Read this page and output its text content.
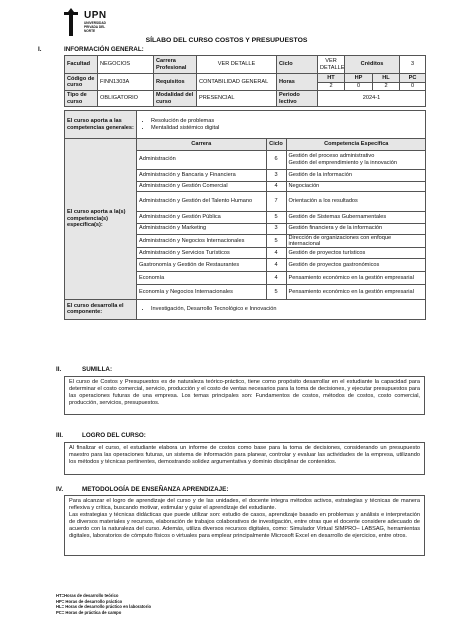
UPN
UNIVERSIDAD PRIVADA DEL NORTE
SÍLABO DEL CURSO COSTOS Y PRESUPUESTOS
I.	INFORMACIÓN GENERAL:
Facultad	NEGOCIOS	Carrera Profesional	VER DETALLE	Ciclo	VER DETALLE	Créditos		3
Código de curso	FINN1303A	Requisitos	CONTABILIDAD GENERAL	Horas	HT	HP	HL	PC
					2	0	2	0
Tipo de curso	OBLIGATORIO	Modalidad del curso	PRESENCIAL	Periodo lectivo	2024-1			
El curso aporta a las competencias generales:	
• Resolución de problemas
• Mentalidad sistémico digital

El curso aporta a la(s) competencia(s) específica(s):	
Carrera	Ciclo	Competencia Específica
Administración	6	Gestión del proceso administrativo
Gestión del emprendimiento y la innovación
Administración y Bancaria y Financiera	3	Gestión de la información
Administración y Gestión Comercial	4	Negociación
Administración y Gestión del Talento Humano	7	Orientación a los resultados
Administración y Gestión Pública	5	Gestión de Sistemas Gubernamentales
Administración y Marketing	3	Gestión financiera y de la información
Administración y Negocios Internacionales	5	Dirección de organizaciones con enfoque internacional
Administración y Servicios Turísticos	4	Gestión de proyectos turísticos
Gastronomía y Gestión de Restaurantes	4	Gestión de proyectos gastronómicos
Economía	4	Pensamiento económico en la gestión empresarial
Economía y Negocios Internacionales	5	Pensamiento económico en la gestión empresarial

El curso desarrolla el componente:	
• Investigación, Desarrollo Tecnológico e Innovación
II.	SUMILLA:
El curso de Costos y Presupuestos es de naturaleza teórico-práctico, tiene como propósito desarrollar en el estudiante la capacidad para determinar el costo comercial, servicio, producción y el costo de ventas necesarios para la toma de decisiones, y ejecutar presupuestos para las operaciones futuras de una empresa. Los temas principales son: Fundamentos de costos, métodos de costos, costo comercial, producción, servicios, presupuestos.
III.	LOGRO DEL CURSO:
Al finalizar el curso, el estudiante elabora un informe de costos como base para la toma de decisiones, considerando un presupuesto maestro para las operaciones futuras, un sistema de información para planear, controlar y evaluar las actividades de la empresa, utilizando los métodos y técnicas pertinentes, demostrando solidez argumentativa y dominio disciplinar de contenidos.
IV.	METODOLOGÍA DE ENSEÑANZA APRENDIZAJE:

Para alcanzar el logro de aprendizaje del curso y de las unidades, el docente integra métodos activos, estrategias y técnicas de manera reflexiva y crítica, buscando motivar, estimular y guiar el aprendizaje del estudiante.

Las estrategias y técnicas didácticas que puede utilizar son: estudio de casos, aprendizaje basado en problemas y análisis e interpretación de diversos materiales y recursos, elaboración de trabajos colaborativos de investigación, entre otras que el docente considere adecuado de acuerdo con la naturaleza del curso. Además, utiliza diversos recursos digitales, como: Simulador Virtual SIMPRO– LABSAG, herramientas digitales, laboratorios de cómputo físicos o virtuales para emplear principalmente Microsoft Excel en desarrollo de ejercicios, entre otros.

HT=Horas de desarrollo teórico
HP= Horas de desarrollo práctico
HL= Horas de desarrollo práctico en laboratorio
PC= Horas de práctica de campo
